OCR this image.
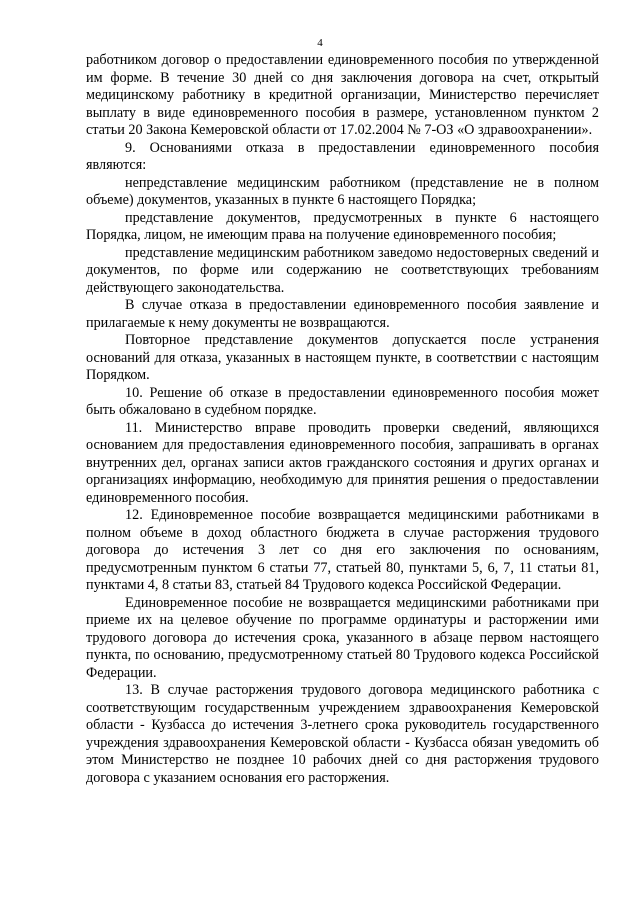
4

работником договор о предоставлении единовременного пособия по утвержденной им форме. В течение 30 дней со дня заключения договора на счет, открытый медицинскому работнику в кредитной организации, Министерство перечисляет выплату в виде единовременного пособия в размере, установленном пунктом 2 статьи 20 Закона Кемеровской области от 17.02.2004 № 7-ОЗ «О здравоохранении».

9. Основаниями отказа в предоставлении единовременного пособия являются:

непредставление медицинским работником (представление не в полном объеме) документов, указанных в пункте 6 настоящего Порядка;

представление документов, предусмотренных в пункте 6 настоящего Порядка, лицом, не имеющим права на получение единовременного пособия;

представление медицинским работником заведомо недостоверных сведений и документов, по форме или содержанию не соответствующих требованиям действующего законодательства.

В случае отказа в предоставлении единовременного пособия заявление и прилагаемые к нему документы не возвращаются.

Повторное представление документов допускается после устранения оснований для отказа, указанных в настоящем пункте, в соответствии с настоящим Порядком.

10. Решение об отказе в предоставлении единовременного пособия может быть обжаловано в судебном порядке.

11. Министерство вправе проводить проверки сведений, являющихся основанием для предоставления единовременного пособия, запрашивать в органах внутренних дел, органах записи актов гражданского состояния и других органах и организациях информацию, необходимую для принятия решения о предоставлении единовременного пособия.

12. Единовременное пособие возвращается медицинскими работниками в полном объеме в доход областного бюджета в случае расторжения трудового договора до истечения 3 лет со дня его заключения по основаниям, предусмотренным пунктом 6 статьи 77, статьей 80, пунктами 5, 6, 7, 11 статьи 81, пунктами 4, 8 статьи 83, статьей 84 Трудового кодекса Российской Федерации.

Единовременное пособие не возвращается медицинскими работниками при приеме их на целевое обучение по программе ординатуры и расторжении ими трудового договора до истечения срока, указанного в абзаце первом настоящего пункта, по основанию, предусмотренному статьей 80 Трудового кодекса Российской Федерации.

13. В случае расторжения трудового договора медицинского работника с соответствующим государственным учреждением здравоохранения Кемеровской области - Кузбасса до истечения 3-летнего срока руководитель государственного учреждения здравоохранения Кемеровской области - Кузбасса обязан уведомить об этом Министерство не позднее 10 рабочих дней со дня расторжения трудового договора с указанием основания его расторжения.
